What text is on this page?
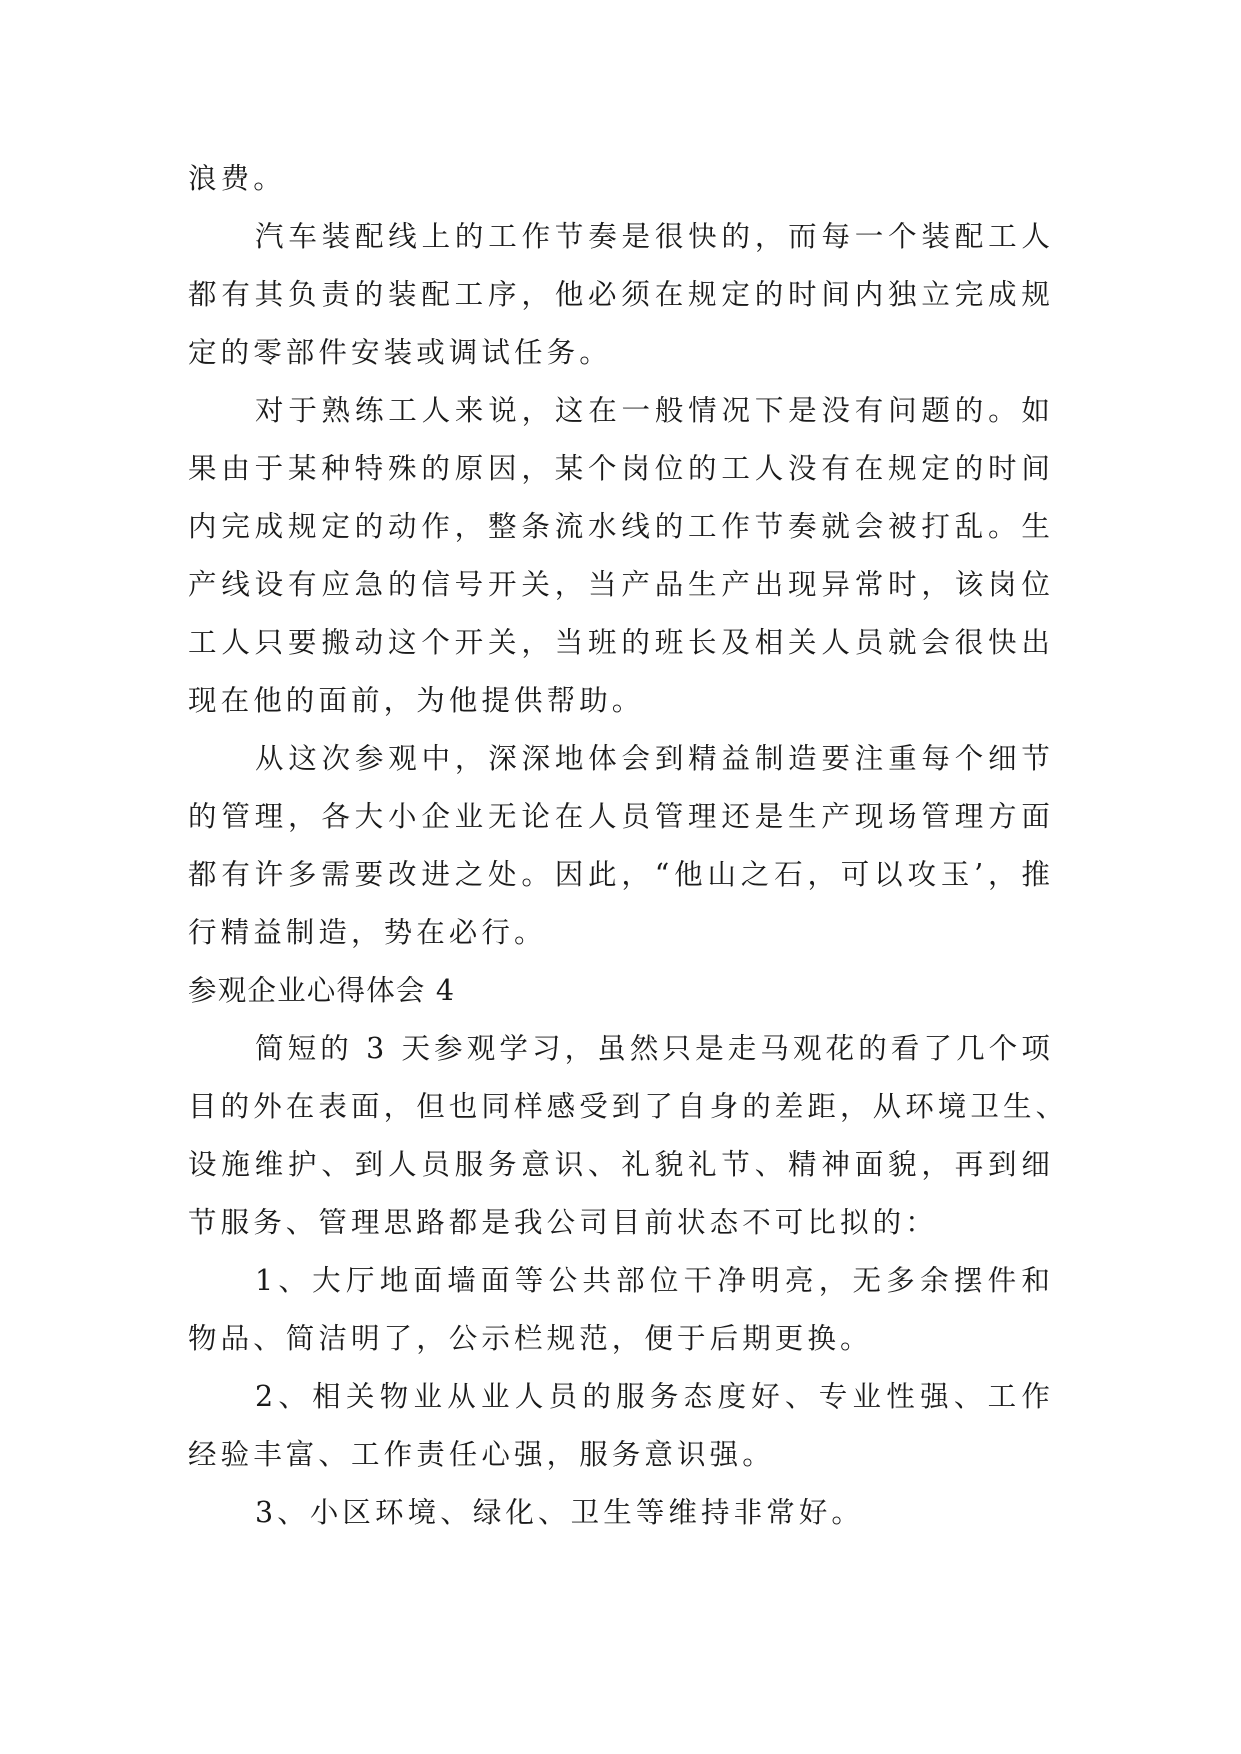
浪费。
汽车装配线上的工作节奏是很快的，而每一个装配工人
都有其负责的装配工序，他必须在规定的时间内独立完成规
定的零部件安装或调试任务。
对于熟练工人来说，这在一般情况下是没有问题的。如
果由于某种特殊的原因，某个岗位的工人没有在规定的时间
内完成规定的动作，整条流水线的工作节奏就会被打乱。生
产线设有应急的信号开关，当产品生产出现异常时，该岗位
工人只要搬动这个开关，当班的班长及相关人员就会很快出
现在他的面前，为他提供帮助。
从这次参观中，深深地体会到精益制造要注重每个细节
的管理，各大小企业无论在人员管理还是生产现场管理方面
都有许多需要改进之处。因此，“他山之石，可以攻玉’，推
行精益制造，势在必行。
参观企业心得体会 4
简短的 3 天参观学习，虽然只是走马观花的看了几个项
目的外在表面，但也同样感受到了自身的差距，从环境卫生、
设施维护、到人员服务意识、礼貌礼节、精神面貌，再到细
节服务、管理思路都是我公司目前状态不可比拟的：
1、大厅地面墙面等公共部位干净明亮，无多余摆件和
物品、简洁明了，公示栏规范，便于后期更换。
2、相关物业从业人员的服务态度好、专业性强、工作
经验丰富、工作责任心强，服务意识强。
3、小区环境、绿化、卫生等维持非常好。
